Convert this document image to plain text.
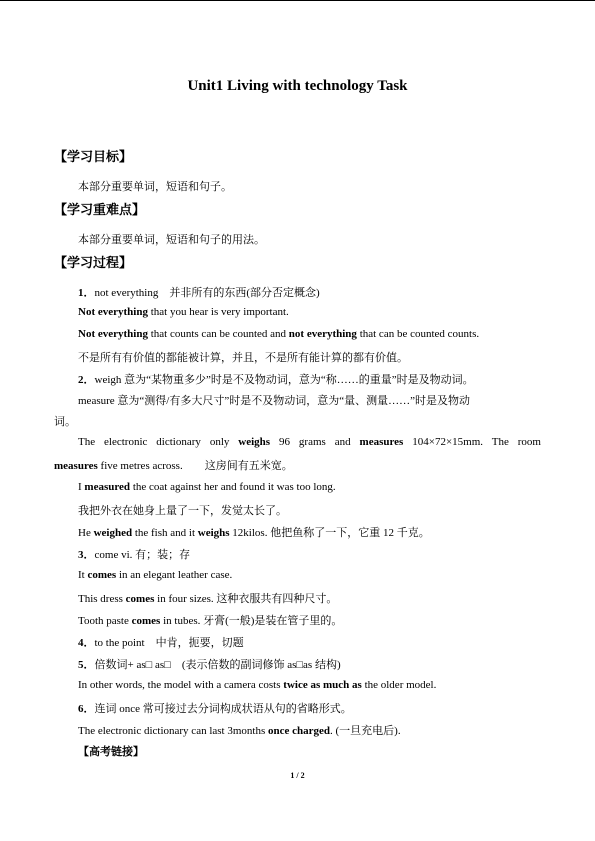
Unit1 Living with technology Task
【学习目标】
本部分重要单词，短语和句子。
【学习重难点】
本部分重要单词，短语和句子的用法。
【学习过程】
1．not everything　并非所有的东西(部分否定概念)
Not everything that you hear is very important.
Not everything that counts can be counted and not everything that can be counted counts.
不是所有有价值的都能被计算，并且，不是所有能计算的都有价值。
2．weigh 意为“某物重多少”时是不及物动词，意为“称……的重量”时是及物动词。
measure 意为“测得/有多大尺寸”时是不及物动词，意为“量、测量……”时是及物动
词。
The electronic dictionary only weighs 96 grams and measures 104×72×15mm. The room
measures five metres across.　　这房间有五米宽。
I measured the coat against her and found it was too long.
我把外衣在她身上量了一下，发觉太长了。
He weighed the fish and it weighs 12kilos. 他把鱼称了一下，它重 12 千克。
3．come vi. 有；装；存
It comes in an elegant leather case.
This dress comes in four sizes. 这种衣服共有四种尺寸。
Tooth paste comes in tubes. 牙膏(一般)是装在管子里的。
4．to the point　中肯，扼要，切题
5．倍数词+ as□ as□　(表示倍数的副词修饰 as□as 结构)
In other words, the model with a camera costs twice as much as the older model.
6．连词 once 常可接过去分词构成状语从句的省略形式。
The electronic dictionary can last 3months once charged. (一旦充电后).
【高考链接】
1 / 2
